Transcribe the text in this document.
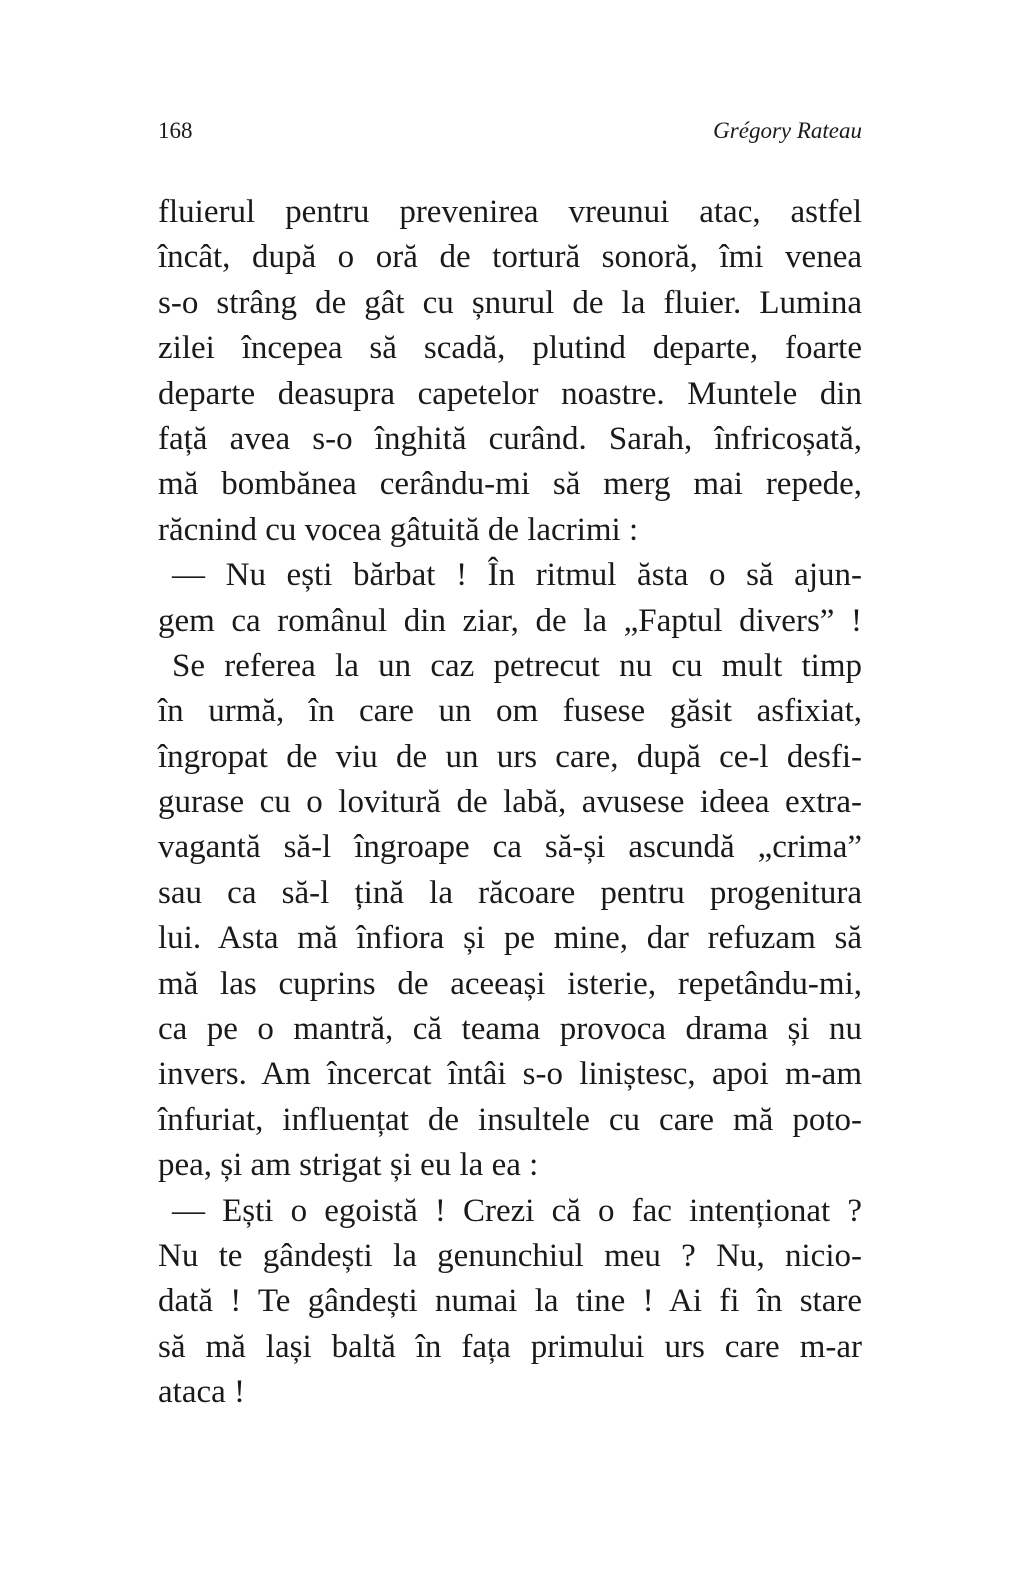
168	Grégory Rateau
fluierul pentru prevenirea vreunui atac, astfel
încât, după o oră de tortură sonoră, îmi venea
s-o strâng de gât cu șnurul de la fluier. Lumina
zilei începea să scadă, plutind departe, foarte
departe deasupra capetelor noastre. Muntele din
față avea s-o înghită curând. Sarah, înfricoșată,
mă bombănea cerându-mi să merg mai repede,
răcnind cu vocea gâtuită de lacrimi :
— Nu ești bărbat ! În ritmul ăsta o să ajun-
gem ca românul din ziar, de la „Faptul divers” !
Se referea la un caz petrecut nu cu mult timp
în urmă, în care un om fusese găsit asfixiat,
îngropat de viu de un urs care, după ce-l desfi-
gurase cu o lovitură de labă, avusese ideea extra-
vagantă să-l îngroape ca să-și ascundă „crima”
sau ca să-l țină la răcoare pentru progenitura
lui. Asta mă înfiora și pe mine, dar refuzam să
mă las cuprins de aceeași isterie, repetându-mi,
ca pe o mantră, că teama provoca drama și nu
invers. Am încercat întâi s-o liniștesc, apoi m-am
înfuriat, influențat de insultele cu care mă poto-
pea, și am strigat și eu la ea :
— Ești o egoistă ! Crezi că o fac intenționat ?
Nu te gândești la genunchiul meu ? Nu, nicio-
dată ! Te gândești numai la tine ! Ai fi în stare
să mă lași baltă în fața primului urs care m-ar
ataca !
